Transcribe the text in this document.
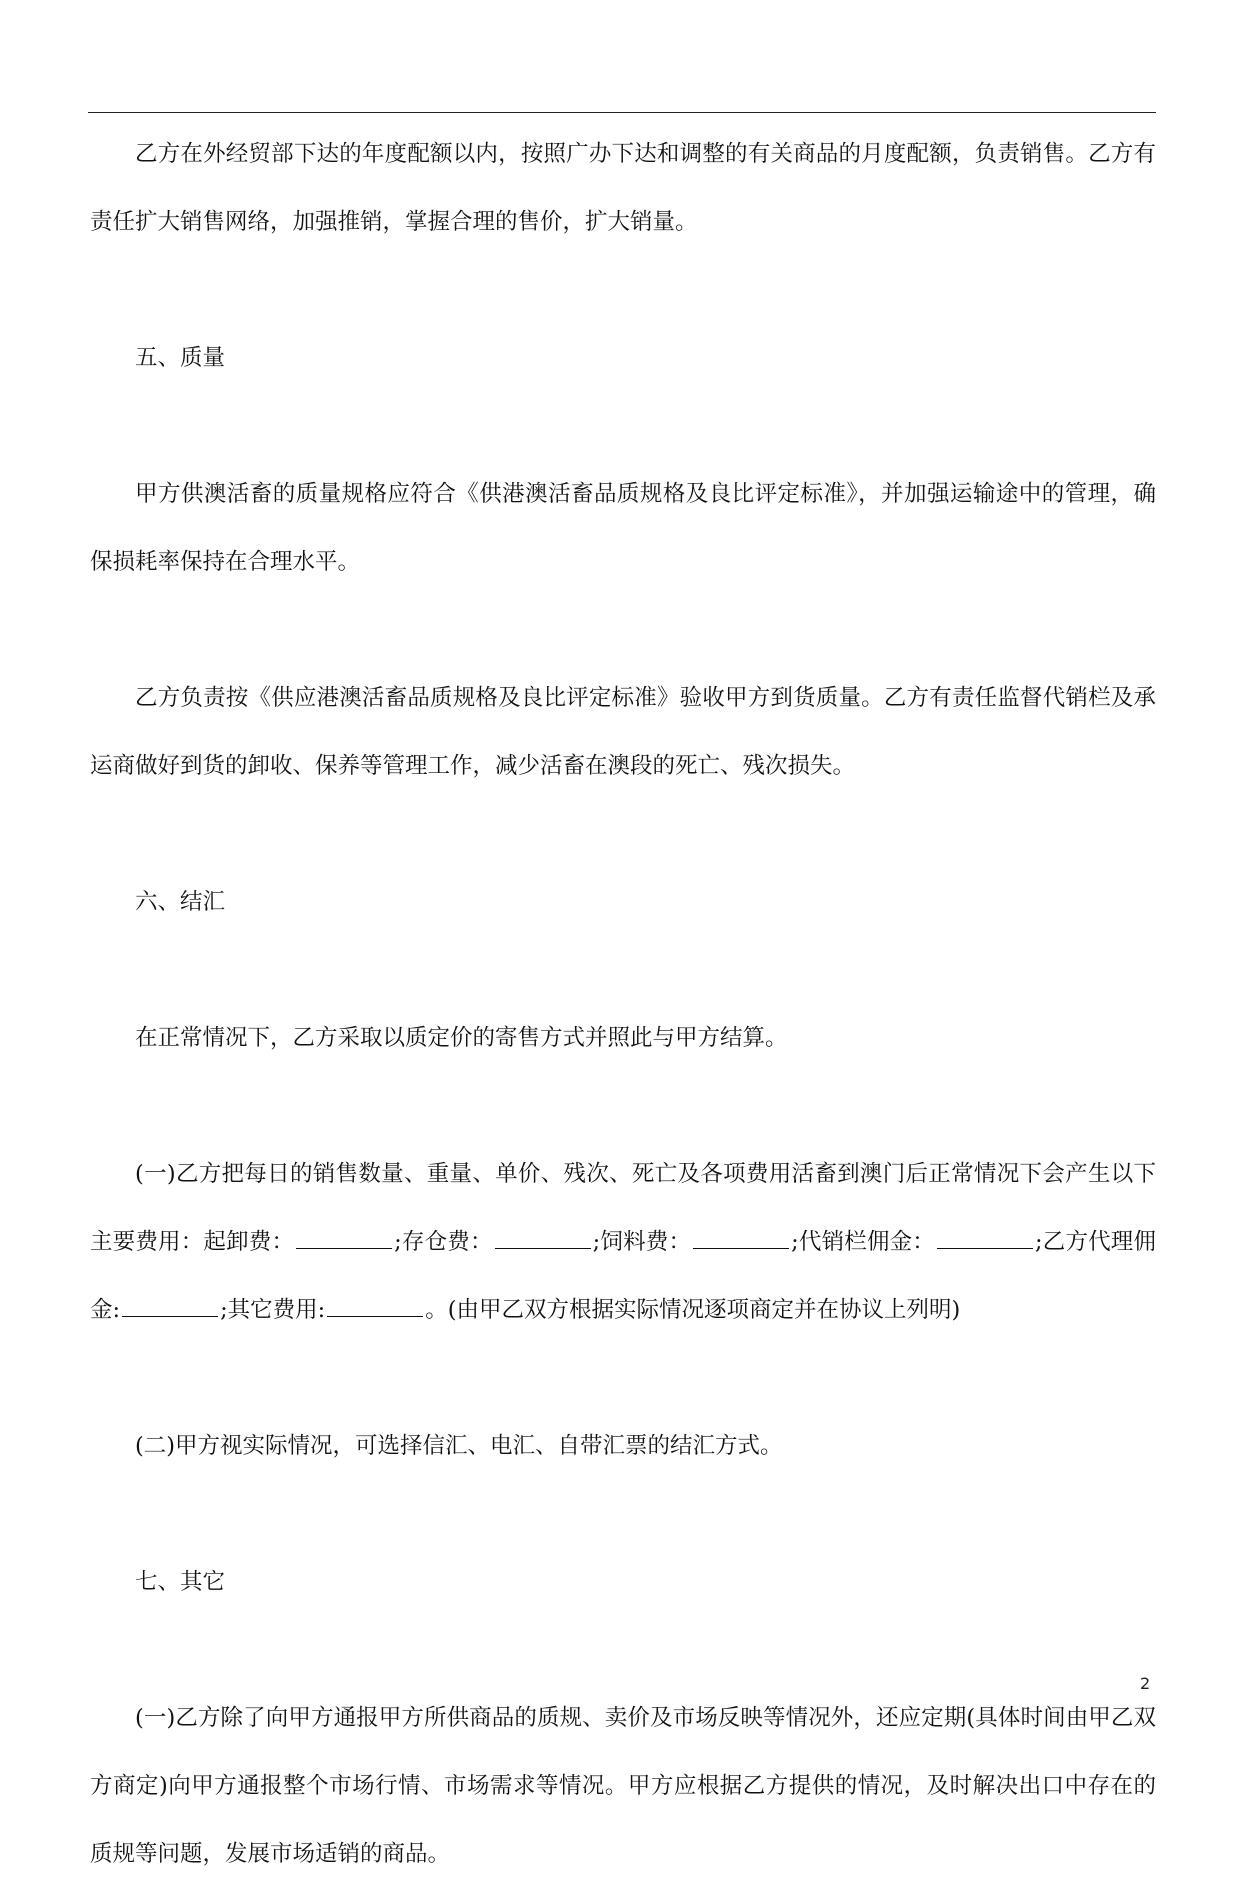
乙方在外经贸部下达的年度配额以内，按照广办下达和调整的有关商品的月度配额，负责销售。乙方有责任扩大销售网络，加强推销，掌握合理的售价，扩大销量。

五、质量

甲方供澳活畜的质量规格应符合《供港澳活畜品质规格及良比评定标准》，并加强运输途中的管理，确保损耗率保持在合理水平。

乙方负责按《供应港澳活畜品质规格及良比评定标准》验收甲方到货质量。乙方有责任监督代销栏及承运商做好到货的卸收、保养等管理工作，减少活畜在澳段的死亡、残次损失。

六、结汇

在正常情况下，乙方采取以质定价的寄售方式并照此与甲方结算。

(一)乙方把每日的销售数量、重量、单价、残次、死亡及各项费用活畜到澳门后正常情况下会产生以下主要费用：起卸费：	;存仓费：	;饲料费：	;代销栏佣金：	;乙方代理佣金:	;其它费用:	。(由甲乙双方根据实际情况逐项商定并在协议上列明)

(二)甲方视实际情况，可选择信汇、电汇、自带汇票的结汇方式。

七、其它

(一)乙方除了向甲方通报甲方所供商品的质规、卖价及市场反映等情况外，还应定期(具体时间由甲乙双方商定)向甲方通报整个市场行情、市场需求等情况。甲方应根据乙方提供的情况，及时解决出口中存在的质规等问题，发展市场适销的商品。

2
